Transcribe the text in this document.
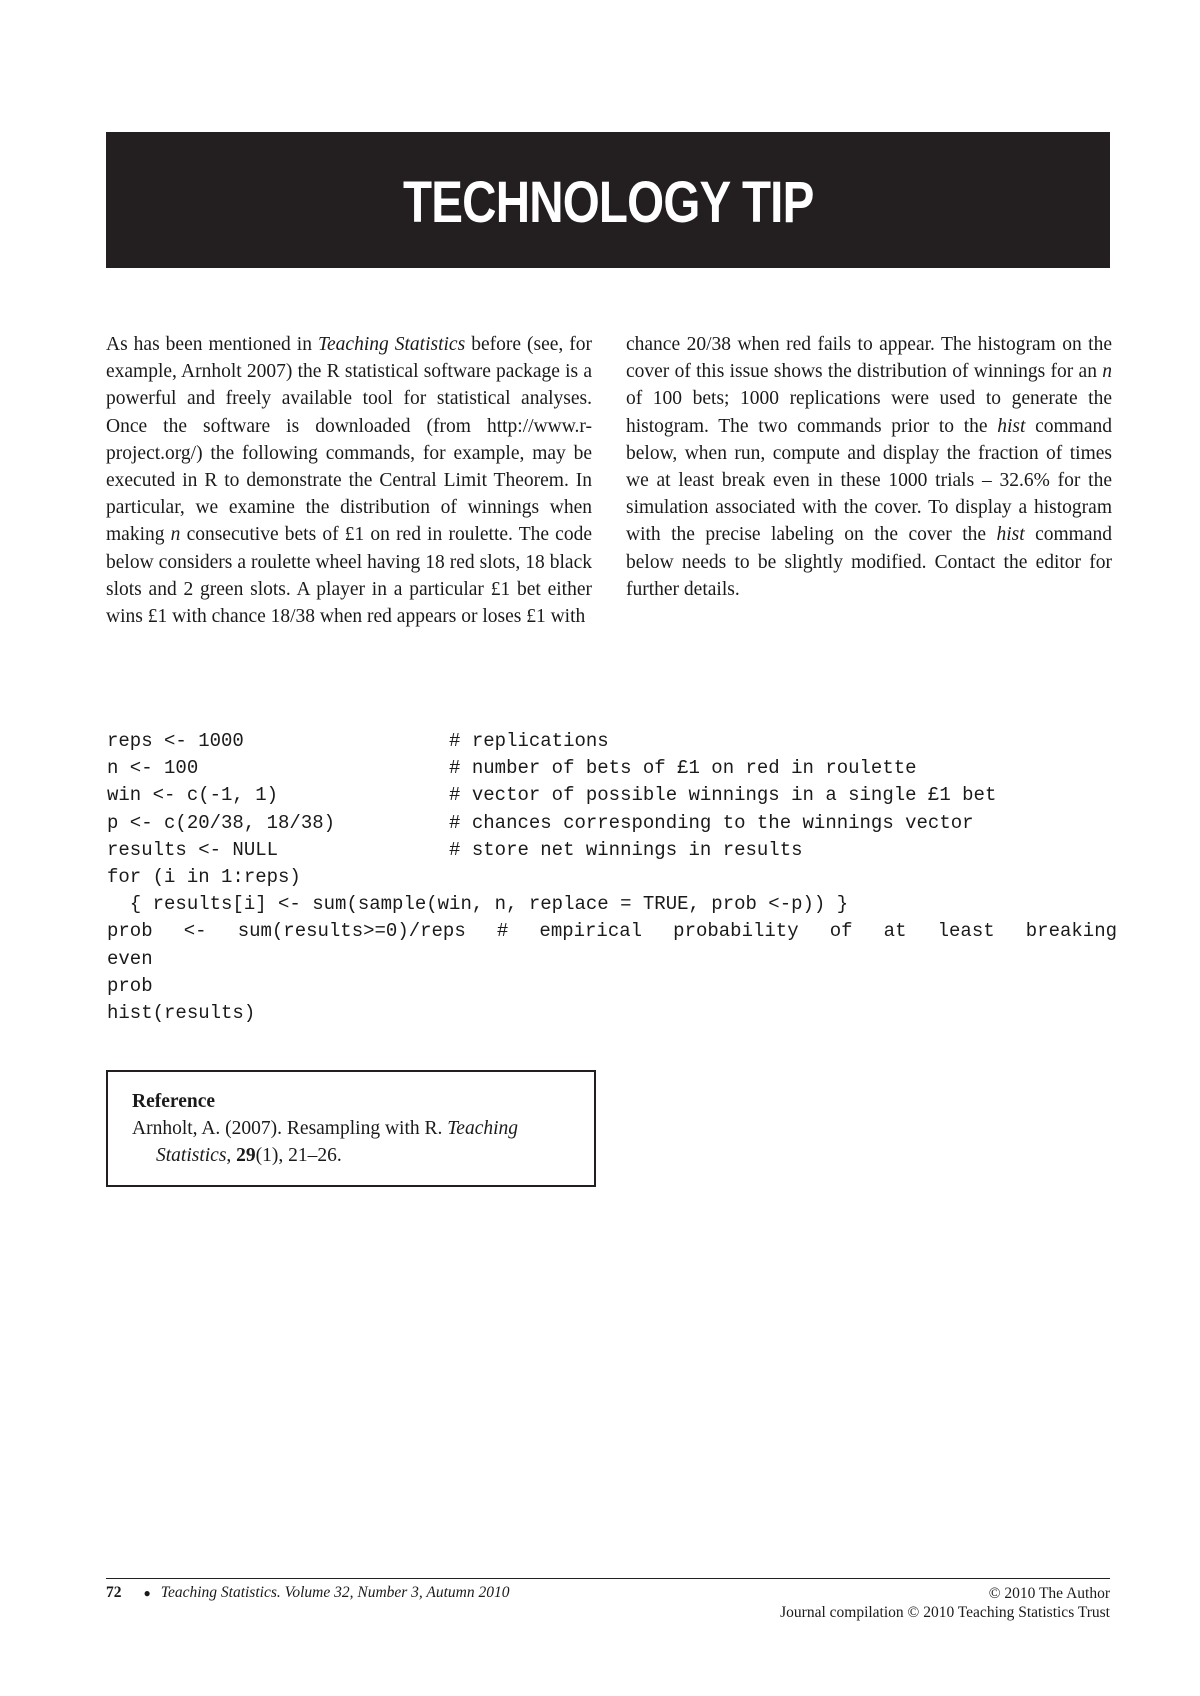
TECHNOLOGY TIP

As has been mentioned in Teaching Statistics before (see, for example, Arnholt 2007) the R statistical software package is a powerful and freely available tool for statistical analyses. Once the software is downloaded (from http://www.r-project.org/) the following commands, for example, may be executed in R to demonstrate the Central Limit Theorem. In particular, we examine the distribution of winnings when making n consecutive bets of £1 on red in roulette. The code below considers a roulette wheel having 18 red slots, 18 black slots and 2 green slots. A player in a particular £1 bet either wins £1 with chance 18/38 when red appears or loses £1 with

chance 20/38 when red fails to appear. The histogram on the cover of this issue shows the distribution of winnings for an n of 100 bets; 1000 replications were used to generate the histogram. The two commands prior to the hist command below, when run, compute and display the fraction of times we at least break even in these 1000 trials – 32.6% for the simulation associated with the cover. To display a histogram with the precise labeling on the cover the hist command below needs to be slightly modified. Contact the editor for further details.

reps <- 1000                  # replications
n <- 100                      # number of bets of £1 on red in roulette
win <- c(-1, 1)               # vector of possible winnings in a single £1 bet
p <- c(20/38, 18/38)          # chances corresponding to the winnings vector
results <- NULL               # store net winnings in results
for (i in 1:reps)
{ results[i] <- sum(sample(win, n, replace = TRUE, prob <-p)) }
prob <- sum(results>=0)/reps # empirical probability of at least breaking
even
prob
hist(results)
Reference
Arnholt, A. (2007). Resampling with R. Teaching Statistics, 29(1), 21–26.
72 ● Teaching Statistics. Volume 32, Number 3, Autumn 2010	© 2010 The Author
Journal compilation © 2010 Teaching Statistics Trust
